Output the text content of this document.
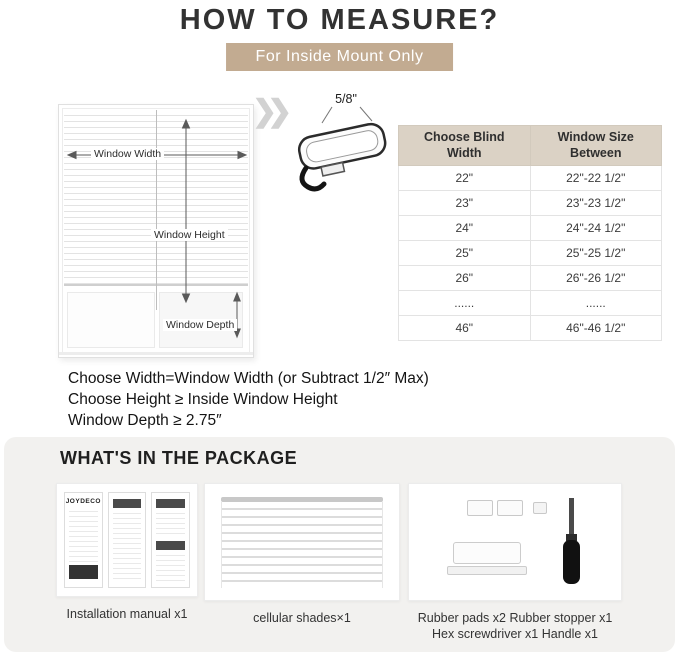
HOW TO MEASURE?
For Inside Mount Only
Window Width
Window Height
Window Depth
❯❯	5/8"
Choose Blind Width	Window Size Between
22"	22"-22 1/2"
23"	23"-23 1/2"
24"	24"-24 1/2"
25"	25"-25 1/2"
26"	26"-26 1/2"
......	......
46"	46"-46 1/2"

Choose Width=Window Width (or Subtract 1/2″ Max)

Choose Height ≥ Inside Window Height

Window Depth ≥ 2.75″

WHAT'S IN THE PACKAGE
JOYDECO
Installation manual x1	cellular shades×1	Rubber pads x2 Rubber stopper x1
Hex screwdriver x1 Handle x1
